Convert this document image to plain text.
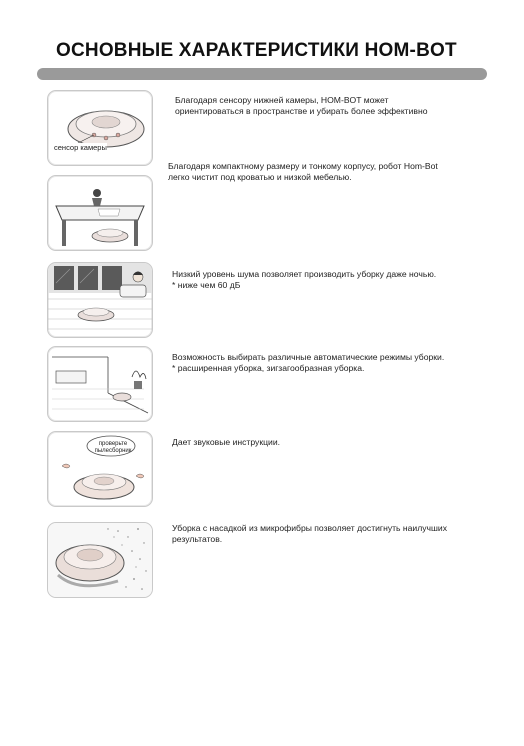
ОСНОВНЫЕ ХАРАКТЕРИСТИКИ HOM-BOT
сенсор камеры
Благодаря сенсору нижней камеры, HOM-BOT может
ориентироваться в пространстве и убирать более эффективно
Благодаря компактному размеру и тонкому корпусу, робот Hom-Bot
легко чистит под кроватью и низкой мебелью.
Низкий уровень шума позволяет производить уборку даже ночью.
* ниже чем 60 дБ
Возможность выбирать различные автоматические режимы уборки.
* расширенная уборка, зигзагообразная уборка.
проверьте
пылесборник
Дает звуковые инструкции.
Уборка с насадкой из микрофибры позволяет достигнуть наилучших
результатов.
